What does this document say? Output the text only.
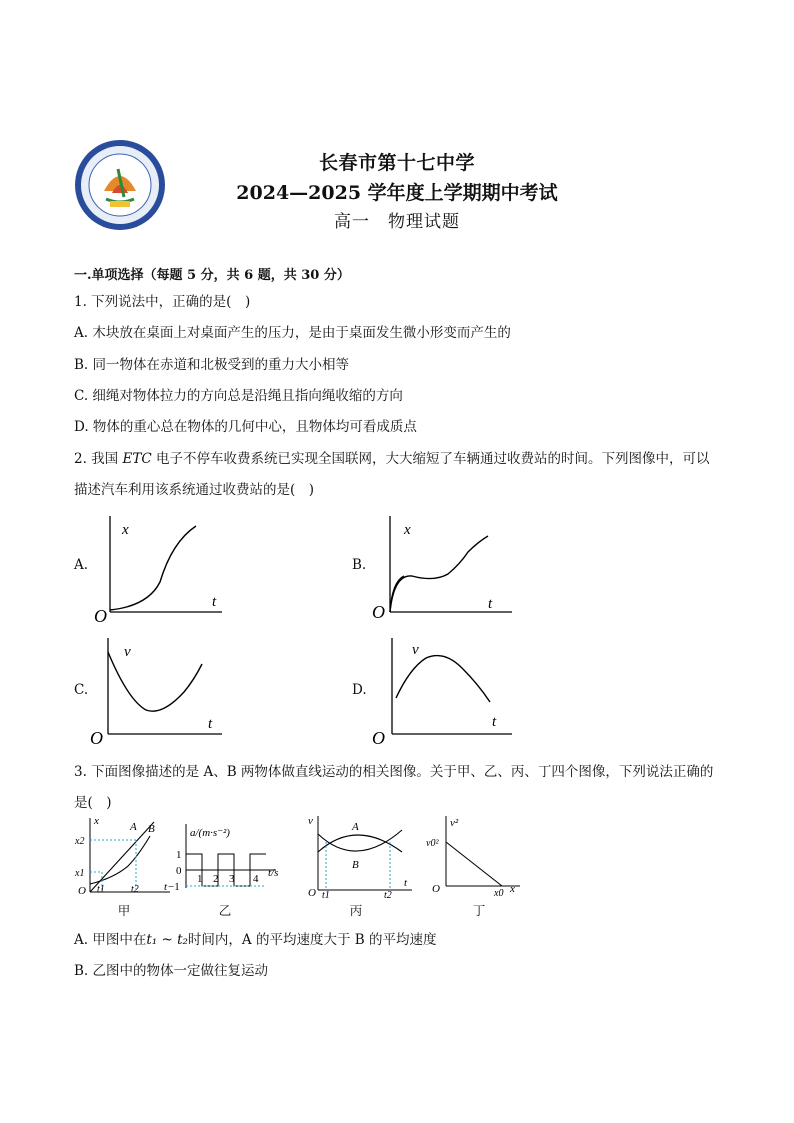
长春市第十七中学
2024—2025 学年度上学期期中考试
高一　物理试题
一.单项选择（每题 5 分，共 6 题，共 30 分）
1. 下列说法中，正确的是(　)
A. 木块放在桌面上对桌面产生的压力，是由于桌面发生微小形变而产生的
B. 同一物体在赤道和北极受到的重力大小相等
C. 细绳对物体拉力的方向总是沿绳且指向绳收缩的方向
D. 物体的重心总在物体的几何中心，且物体均可看成质点
2. 我国 ETC 电子不停车收费系统已实现全国联网，大大缩短了车辆通过收费站的时间。下列图像中，可以
描述汽车利用该系统通过收费站的是(　)
A.	B.
C.	D.
x
t
O
x
t
O
v
t
O
v
t
O
3. 下面图像描述的是 A、B 两物体做直线运动的相关图像。关于甲、乙、丙、丁四个图像，下列说法正确的
是(　)
x
t
O
x2
x1
t1	t2
A B	a/(m·s⁻²)
t/s
0
1
−1
1 2 3 4
v
t
O t1	t2
A
B
v²
x
O
v0²
x0
甲	乙	丙	丁
A. 甲图中在t₁ ~ t₂时间内，A 的平均速度大于 B 的平均速度
B. 乙图中的物体一定做往复运动
